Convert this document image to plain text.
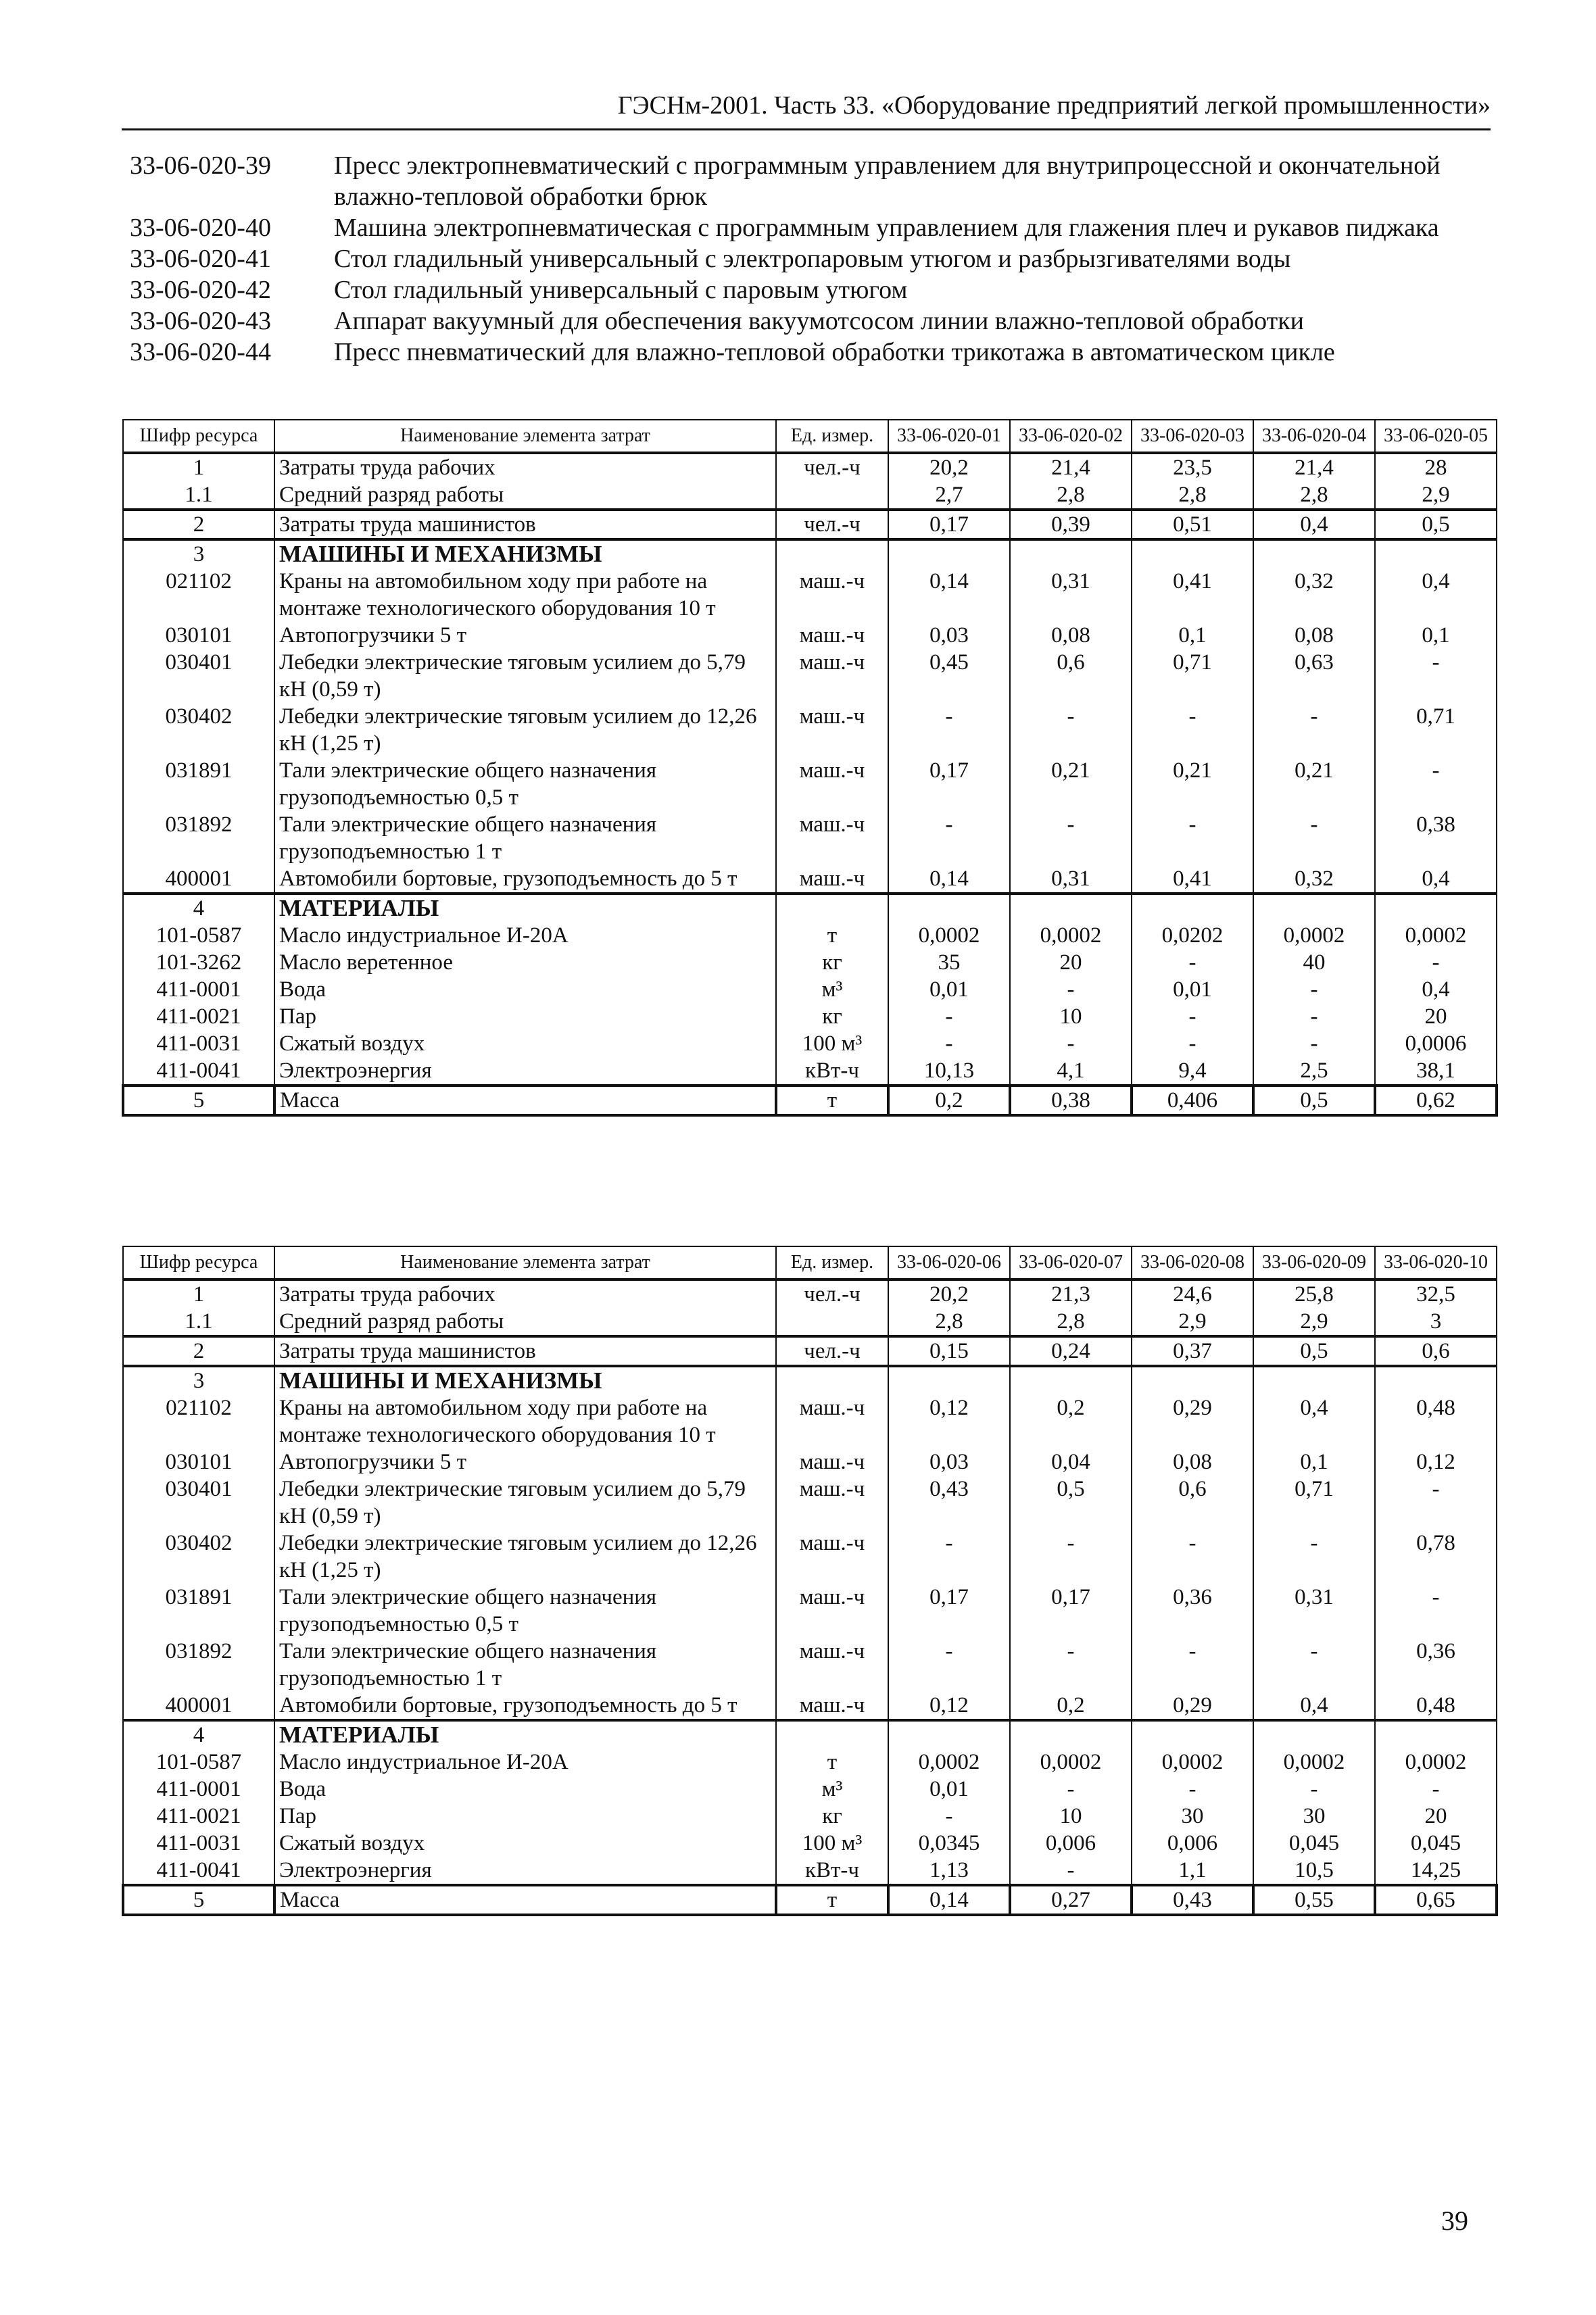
ГЭСНм-2001. Часть 33. «Оборудование предприятий легкой промышленности»
33-06-020-39	Пресс электропневматический с программным управлением для внутрипроцессной и окончательной влажно-тепловой обработки брюк
33-06-020-40	Машина электропневматическая с программным управлением для глажения плеч и рукавов пиджака
33-06-020-41	Стол гладильный универсальный с электропаровым утюгом и разбрызгивателями воды
33-06-020-42	Стол гладильный универсальный с паровым утюгом
33-06-020-43	Аппарат вакуумный для обеспечения вакуумотсосом линии влажно-тепловой обработки
33-06-020-44	Пресс пневматический для влажно-тепловой обработки трикотажа в автоматическом цикле
Шифр ресурса	Наименование элемента затрат	Ед. измер.	33-06-020-01	33-06-020-02	33-06-020-03	33-06-020-04	33-06-020-05
1	Затраты труда рабочих	чел.-ч	20,2	21,4	23,5	21,4	28
1.1	Средний разряд работы		2,7	2,8	2,8	2,8	2,9
2	Затраты труда машинистов	чел.-ч	0,17	0,39	0,51	0,4	0,5
3	МАШИНЫ И МЕХАНИЗМЫ						
021102	Краны на автомобильном ходу при работе на монтаже технологического оборудования 10 т	маш.-ч	0,14	0,31	0,41	0,32	0,4
030101	Автопогрузчики 5 т	маш.-ч	0,03	0,08	0,1	0,08	0,1
030401	Лебедки электрические тяговым усилием до 5,79 кН (0,59 т)	маш.-ч	0,45	0,6	0,71	0,63	-
030402	Лебедки электрические тяговым усилием до 12,26 кН (1,25 т)	маш.-ч	-	-	-	-	0,71
031891	Тали электрические общего назначения грузоподъемностью 0,5 т	маш.-ч	0,17	0,21	0,21	0,21	-
031892	Тали электрические общего назначения грузоподъемностью 1 т	маш.-ч	-	-	-	-	0,38
400001	Автомобили бортовые, грузоподъемность до 5 т	маш.-ч	0,14	0,31	0,41	0,32	0,4
4	МАТЕРИАЛЫ						
101-0587	Масло индустриальное И-20А	т	0,0002	0,0002	0,0202	0,0002	0,0002
101-3262	Масло веретенное	кг	35	20	-	40	-
411-0001	Вода	м³	0,01	-	0,01	-	0,4
411-0021	Пар	кг	-	10	-	-	20
411-0031	Сжатый воздух	100 м³	-	-	-	-	0,0006
411-0041	Электроэнергия	кВт-ч	10,13	4,1	9,4	2,5	38,1
5	Масса	т	0,2	0,38	0,406	0,5	0,62
Шифр ресурса	Наименование элемента затрат	Ед. измер.	33-06-020-06	33-06-020-07	33-06-020-08	33-06-020-09	33-06-020-10
1	Затраты труда рабочих	чел.-ч	20,2	21,3	24,6	25,8	32,5
1.1	Средний разряд работы		2,8	2,8	2,9	2,9	3
2	Затраты труда машинистов	чел.-ч	0,15	0,24	0,37	0,5	0,6
3	МАШИНЫ И МЕХАНИЗМЫ						
021102	Краны на автомобильном ходу при работе на монтаже технологического оборудования 10 т	маш.-ч	0,12	0,2	0,29	0,4	0,48
030101	Автопогрузчики 5 т	маш.-ч	0,03	0,04	0,08	0,1	0,12
030401	Лебедки электрические тяговым усилием до 5,79 кН (0,59 т)	маш.-ч	0,43	0,5	0,6	0,71	-
030402	Лебедки электрические тяговым усилием до 12,26 кН (1,25 т)	маш.-ч	-	-	-	-	0,78
031891	Тали электрические общего назначения грузоподъемностью 0,5 т	маш.-ч	0,17	0,17	0,36	0,31	-
031892	Тали электрические общего назначения грузоподъемностью 1 т	маш.-ч	-	-	-	-	0,36
400001	Автомобили бортовые, грузоподъемность до 5 т	маш.-ч	0,12	0,2	0,29	0,4	0,48
4	МАТЕРИАЛЫ						
101-0587	Масло индустриальное И-20А	т	0,0002	0,0002	0,0002	0,0002	0,0002
411-0001	Вода	м³	0,01	-	-	-	-
411-0021	Пар	кг	-	10	30	30	20
411-0031	Сжатый воздух	100 м³	0,0345	0,006	0,006	0,045	0,045
411-0041	Электроэнергия	кВт-ч	1,13	-	1,1	10,5	14,25
5	Масса	т	0,14	0,27	0,43	0,55	0,65
39
